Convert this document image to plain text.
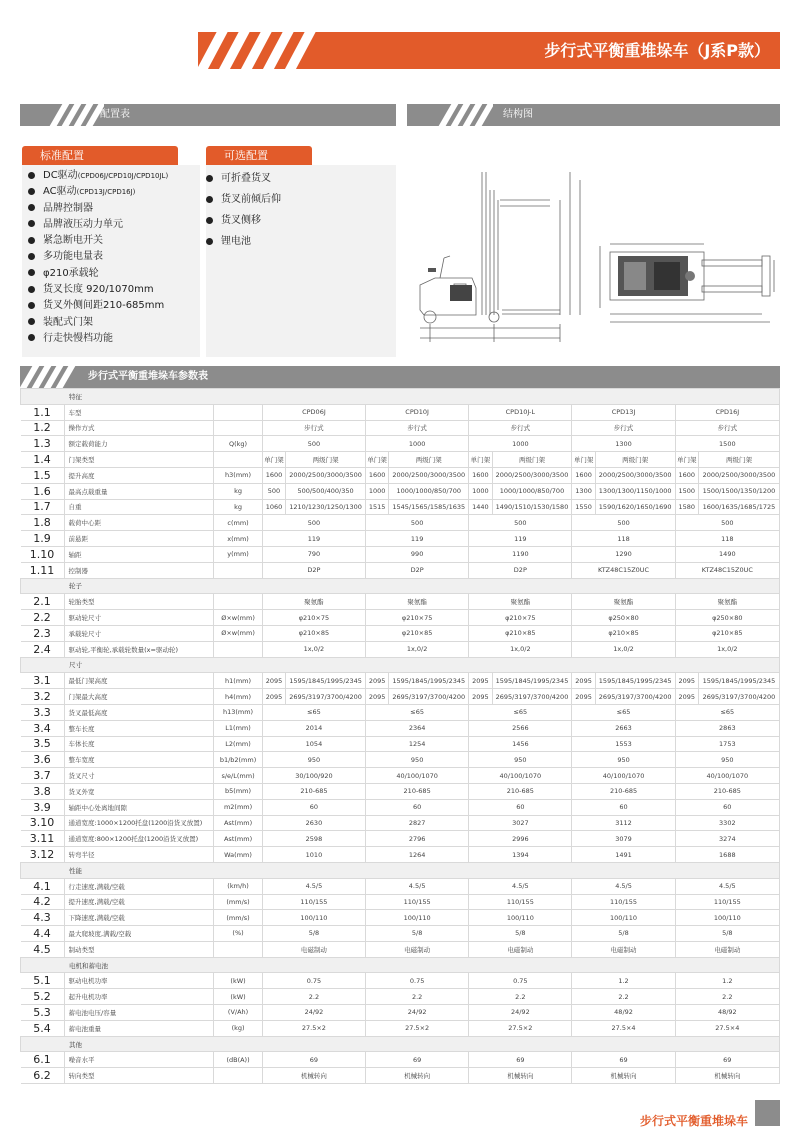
步行式平衡重堆垛车（J系P款）
配置表	结构图
步行式平衡重堆垛车参数表
标准配置
DC驱动(CPD06J/CPD10J/CPD10JL)
AC驱动(CPD13J/CPD16J)
品牌控制器
品牌液压动力单元
紧急断电开关
多功能电量表
φ210承载轮
货叉长度 920/1070mm
货叉外侧间距210-685mm
装配式门架
行走快慢档功能
可选配置
可折叠货叉
货叉前倾后仰
货叉侧移
锂电池
特征												
1.1	车型		CPD06J		CPD10J		CPD10J-L		CPD13J		CPD16J	
1.2	操作方式		步行式		步行式		步行式		步行式		步行式	
1.3	额定载荷能力	Q(kg)	500		1000		1000		1300		1500	
1.4	门架类型		单门架	两级门架	单门架	两级门架	单门架	两级门架	单门架	两级门架	单门架	两级门架
1.5	提升高度	h3(mm)	1600	2000/2500/3000/3500	1600	2000/2500/3000/3500	1600	2000/2500/3000/3500	1600	2000/2500/3000/3500	1600	2000/2500/3000/3500
1.6	最高点载重量	kg	500	500/500/400/350	1000	1000/1000/850/700	1000	1000/1000/850/700	1300	1300/1300/1150/1000	1500	1500/1500/1350/1200
1.7	自重	kg	1060	1210/1230/1250/1300	1515	1545/1565/1585/1635	1440	1490/1510/1530/1580	1550	1590/1620/1650/1690	1580	1600/1635/1685/1725
1.8	载荷中心距	c(mm)	500		500		500		500		500	
1.9	前悬距	x(mm)	119		119		119		118		118	
1.10	轴距	y(mm)	790		990		1190		1290		1490	
1.11	控制器		D2P		D2P		D2P		KTZ48C15Z0UC		KTZ48C15Z0UC	
轮子												
2.1	轮胎类型		聚氨酯		聚氨酯		聚氨酯		聚氨酯		聚氨酯	
2.2	驱动轮尺寸	Ø×w(mm)	φ210×75		φ210×75		φ210×75		φ250×80		φ250×80	
2.3	承载轮尺寸	Ø×w(mm)	φ210×85		φ210×85		φ210×85		φ210×85		φ210×85	
2.4	驱动轮,平衡轮,承载轮数量(x=驱动轮)		1x,0/2		1x,0/2		1x,0/2		1x,0/2		1x,0/2	
尺寸												
3.1	最低门架高度	h1(mm)	2095	1595/1845/1995/2345	2095	1595/1845/1995/2345	2095	1595/1845/1995/2345	2095	1595/1845/1995/2345	2095	1595/1845/1995/2345
3.2	门架最大高度	h4(mm)	2095	2695/3197/3700/4200	2095	2695/3197/3700/4200	2095	2695/3197/3700/4200	2095	2695/3197/3700/4200	2095	2695/3197/3700/4200
3.3	货叉最低高度	h13(mm)	≤65		≤65		≤65		≤65		≤65	
3.4	整车长度	L1(mm)	2014		2364		2566		2663		2863	
3.5	车体长度	L2(mm)	1054		1254		1456		1553		1753	
3.6	整车宽度	b1/b2(mm)	950		950		950		950		950	
3.7	货叉尺寸	s/e/L(mm)	30/100/920		40/100/1070		40/100/1070		40/100/1070		40/100/1070	
3.8	货叉外宽	b5(mm)	210-685		210-685		210-685		210-685		210-685	
3.9	轴距中心处离地间隙	m2(mm)	60		60		60		60		60	
3.10	通道宽度:1000×1200托盘(1200沿货叉放置)	Ast(mm)	2630		2827		3027		3112		3302	
3.11	通道宽度:800×1200托盘(1200沿货叉放置)	Ast(mm)	2598		2796		2996		3079		3274	
3.12	转弯半径	Wa(mm)	1010		1264		1394		1491		1688	
性能												
4.1	行走速度,满载/空载	(km/h)	4.5/5		4.5/5		4.5/5		4.5/5		4.5/5	
4.2	提升速度,满载/空载	(mm/s)	110/155		110/155		110/155		110/155		110/155	
4.3	下降速度,满载/空载	(mm/s)	100/110		100/110		100/110		100/110		100/110	
4.4	最大爬坡度,满载/空载	(%)	5/8		5/8		5/8		5/8		5/8	
4.5	制动类型		电磁制动		电磁制动		电磁制动		电磁制动		电磁制动	
电机和蓄电池												
5.1	驱动电机功率	(kW)	0.75		0.75		0.75		1.2		1.2	
5.2	起升电机功率	(kW)	2.2		2.2		2.2		2.2		2.2	
5.3	蓄电池电压/容量	(V/Ah)	24/92		24/92		24/92		48/92		48/92	
5.4	蓄电池重量	(kg)	27.5×2		27.5×2		27.5×2		27.5×4		27.5×4	
其他												
6.1	噪音水平	(dB(A))	69		69		69		69		69	
6.2	转向类型		机械转向		机械转向		机械转向		机械转向		机械转向	
步行式平衡重堆垛车
